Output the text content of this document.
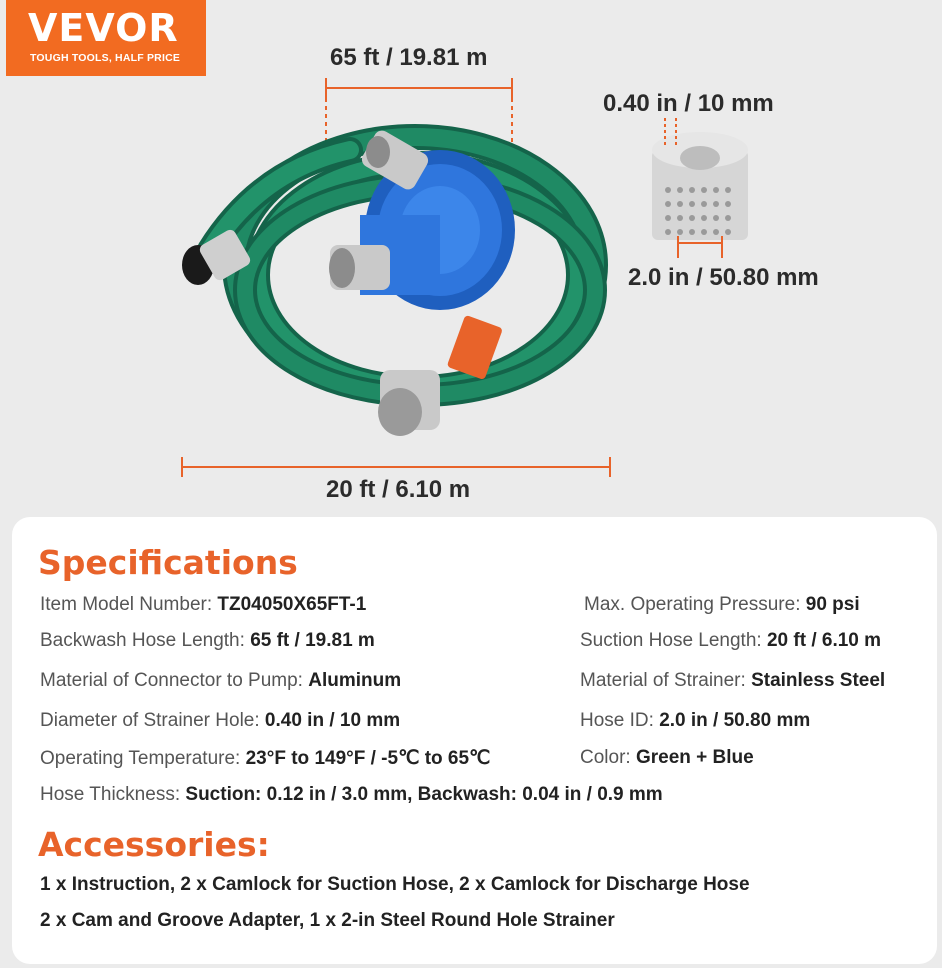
VEVOR
TOUGH TOOLS, HALF PRICE	65 ft / 19.81 m
0.40 in / 10 mm
2.0 in / 50.80 mm
20 ft / 6.10 m
Specifications
Item Model Number: TZ04050X65FT-1
Backwash Hose Length: 65 ft / 19.81 m
Material of Connector to Pump: Aluminum
Diameter of Strainer Hole: 0.40 in / 10 mm
Operating Temperature: 23°F to 149°F / -5℃ to 65℃
Max. Operating Pressure: 90 psi
Suction Hose Length: 20 ft / 6.10 m
Material of Strainer: Stainless Steel
Hose ID: 2.0 in / 50.80 mm
Color: Green + Blue
Hose Thickness: Suction: 0.12 in / 3.0 mm, Backwash: 0.04 in / 0.9 mm
Accessories:
1 x Instruction, 2 x Camlock for Suction Hose, 2 x Camlock for Discharge Hose
2 x Cam and Groove Adapter, 1 x 2-in Steel Round Hole Strainer
